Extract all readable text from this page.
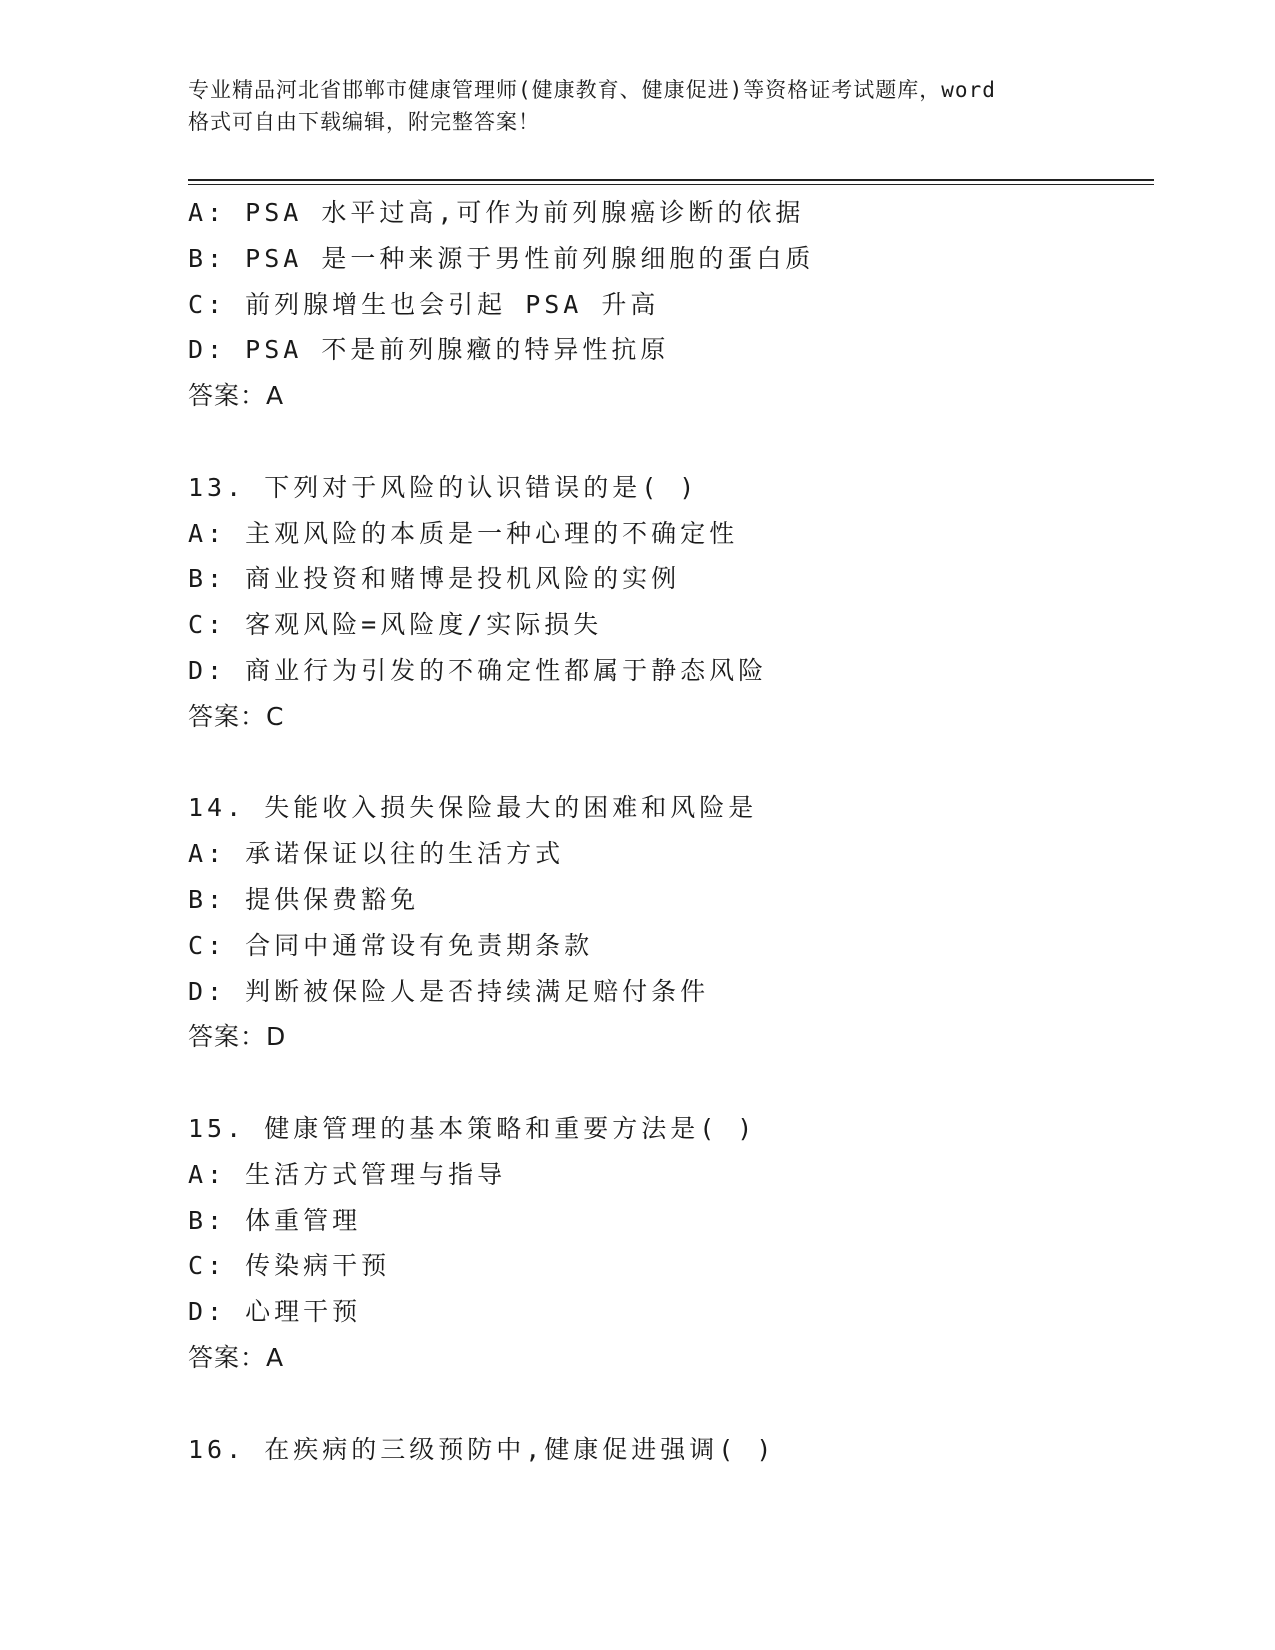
专业精品河北省邯郸市健康管理师(健康教育、健康促进)等资格证考试题库，word
格式可自由下载编辑，附完整答案！
A: PSA 水平过高,可作为前列腺癌诊断的依据
B: PSA 是一种来源于男性前列腺细胞的蛋白质
C: 前列腺增生也会引起 PSA 升高
D: PSA 不是前列腺癥的特异性抗原
答案：A
13. 下列对于风险的认识错误的是( )
A: 主观风险的本质是一种心理的不确定性
B: 商业投资和赌博是投机风险的实例
C: 客观风险=风险度/实际损失
D: 商业行为引发的不确定性都属于静态风险
答案：C
14. 失能收入损失保险最大的困难和风险是
A: 承诺保证以往的生活方式
B: 提供保费豁免
C: 合同中通常设有免责期条款
D: 判断被保险人是否持续满足赔付条件
答案：D
15. 健康管理的基本策略和重要方法是( )
A: 生活方式管理与指导
B: 体重管理
C: 传染病干预
D: 心理干预
答案：A
16. 在疾病的三级预防中,健康促进强调( )
